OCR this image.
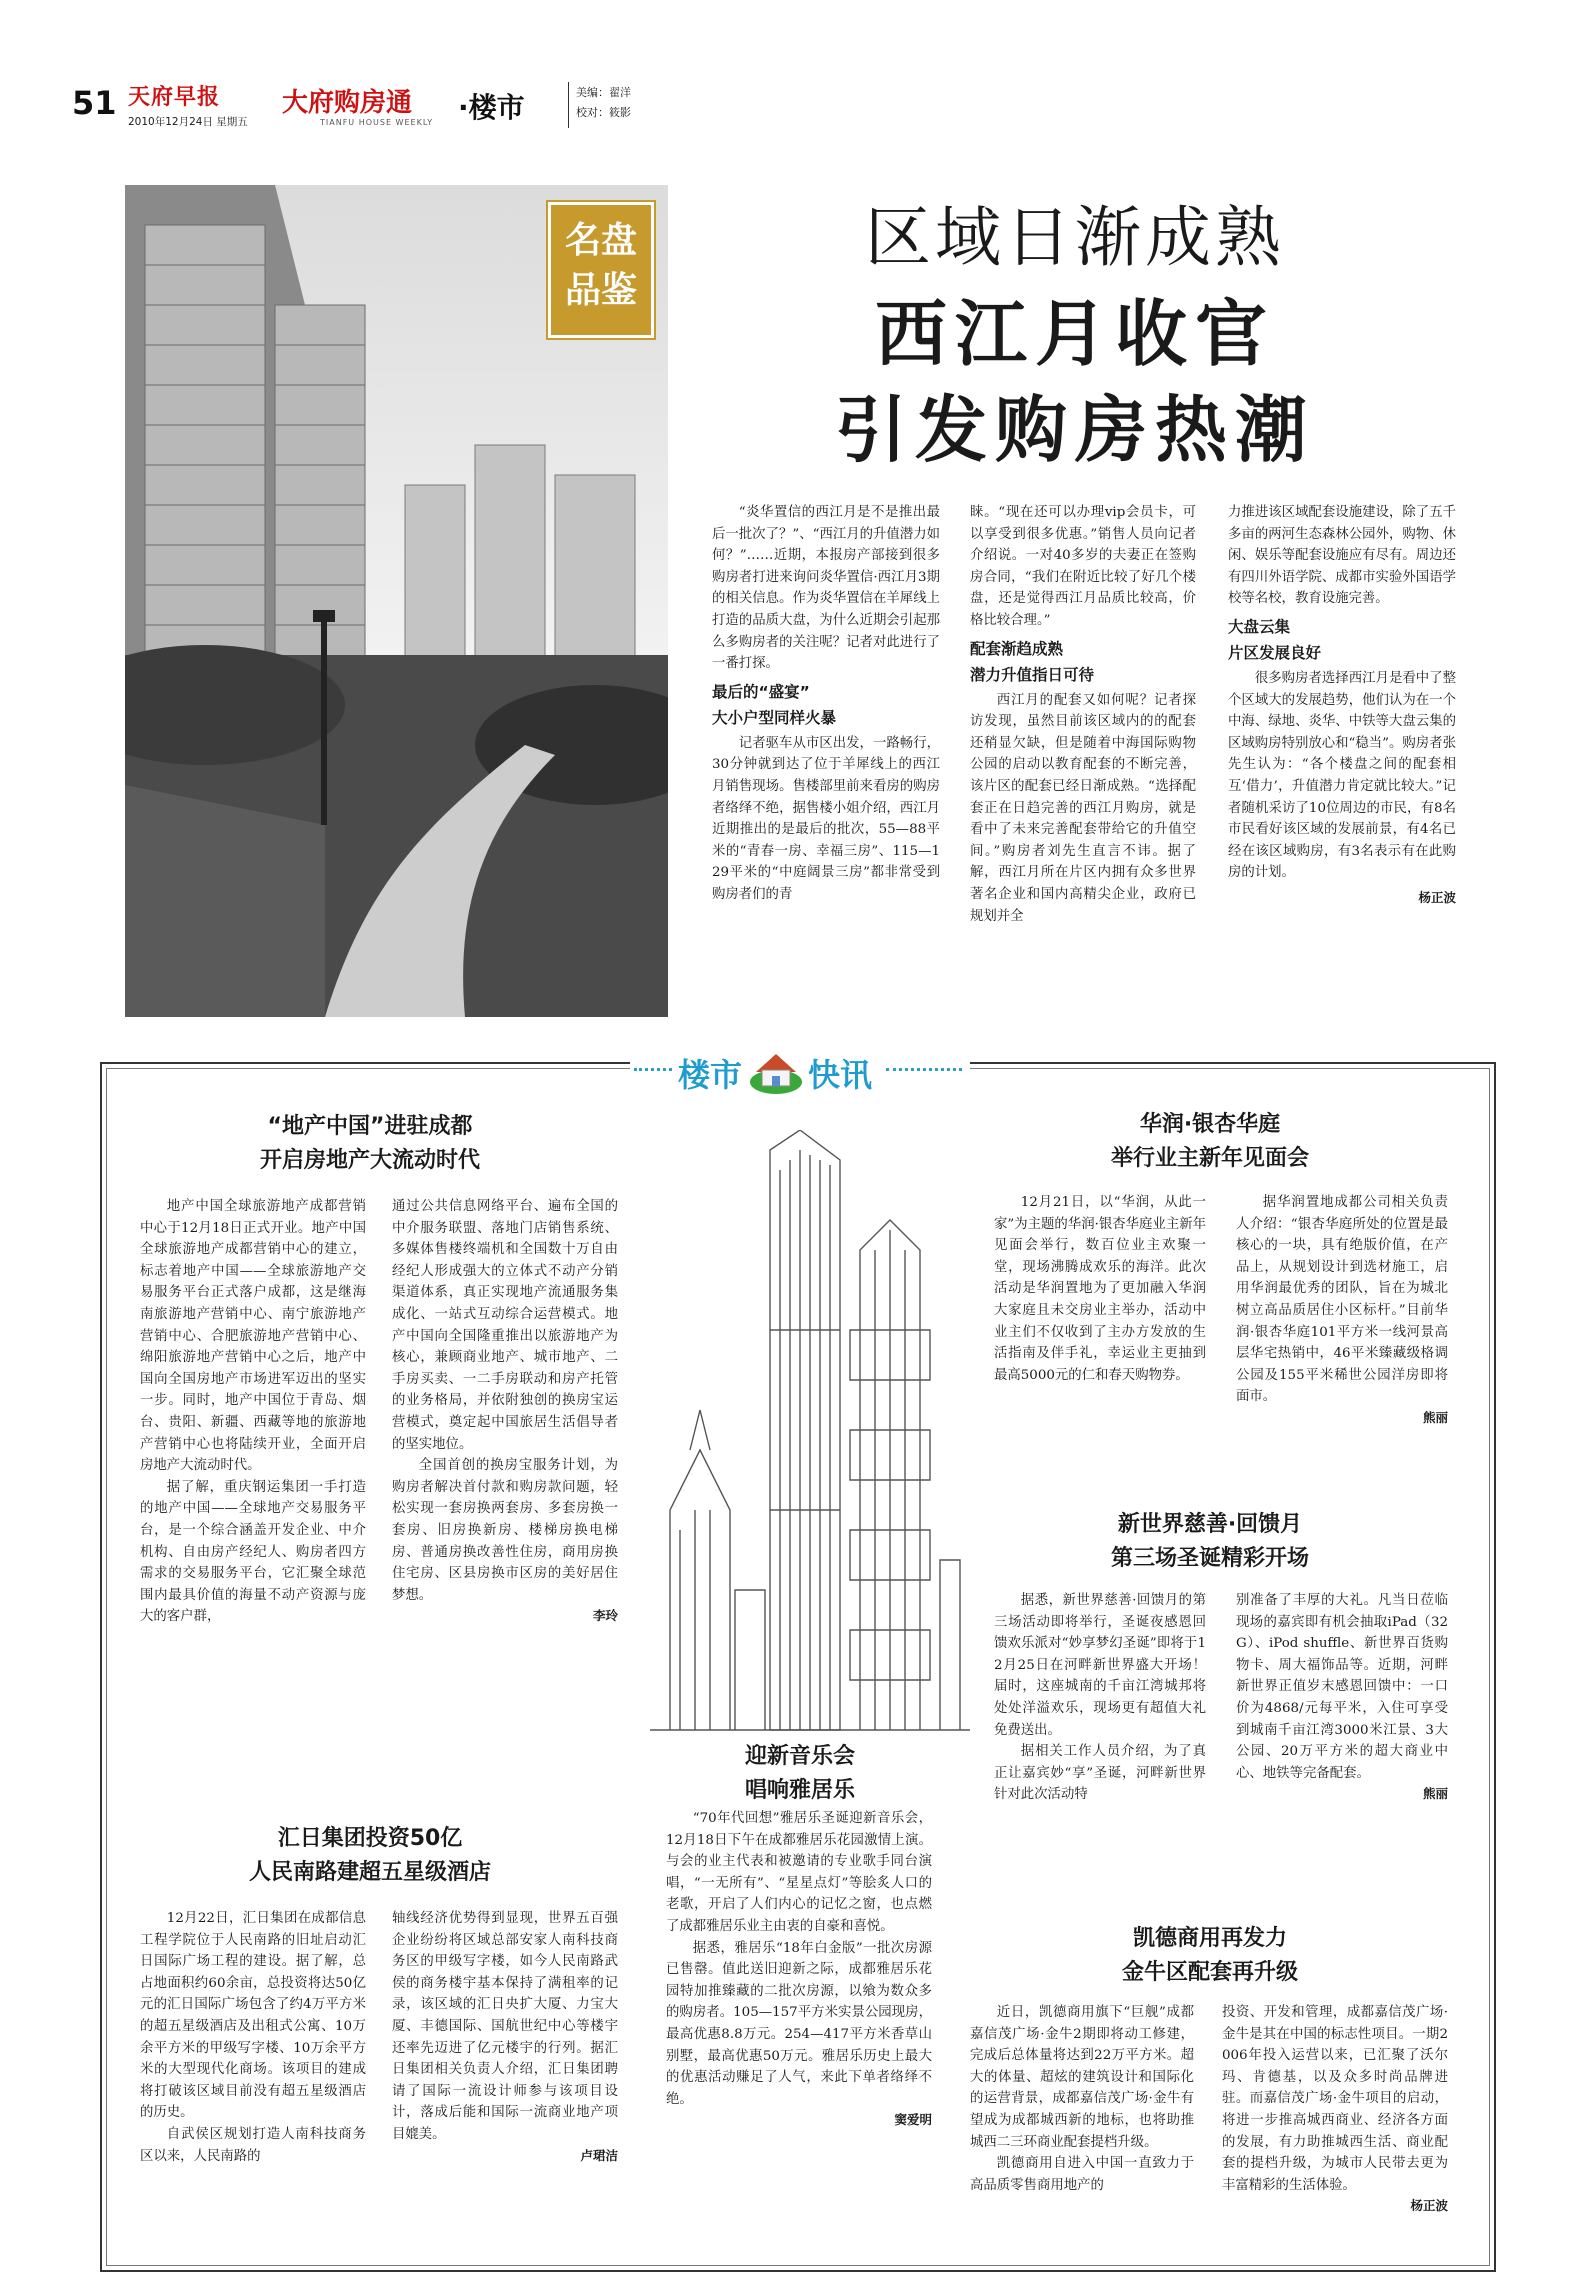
51 天府早报
2010年12月24日 星期五
大府购房通
TIANFU HOUSE WEEKLY ·楼市	美编：翟洋
校对：筱影
名盘品鉴
区域日渐成熟
西江月收官
引发购房热潮

“炎华置信的西江月是不是推出最后一批次了？”、“西江月的升值潜力如何？”……近期，本报房产部接到很多购房者打进来询问炎华置信·西江月3期的相关信息。作为炎华置信在羊犀线上打造的品质大盘，为什么近期会引起那么多购房者的关注呢？记者对此进行了一番打探。

最后的“盛宴”
大小户型同样火暴

记者驱车从市区出发，一路畅行，30分钟就到达了位于羊犀线上的西江月销售现场。售楼部里前来看房的购房者络绎不绝，据售楼小姐介绍，西江月近期推出的是最后的批次，55—88平米的“青春一房、幸福三房”、115—129平米的“中庭阔景三房”都非常受到购房者们的青

睐。“现在还可以办理vip会员卡，可以享受到很多优惠。”销售人员向记者介绍说。一对40多岁的夫妻正在签购房合同，“我们在附近比较了好几个楼盘，还是觉得西江月品质比较高，价格比较合理。”

配套渐趋成熟
潜力升值指日可待

西江月的配套又如何呢？记者探访发现，虽然目前该区域内的的配套还稍显欠缺，但是随着中海国际购物公园的启动以教育配套的不断完善，该片区的配套已经日渐成熟。“选择配套正在日趋完善的西江月购房，就是看中了未来完善配套带给它的升值空间。”购房者刘先生直言不讳。据了解，西江月所在片区内拥有众多世界著名企业和国内高精尖企业，政府已规划并全

力推进该区域配套设施建设，除了五千多亩的两河生态森林公园外，购物、休闲、娱乐等配套设施应有尽有。周边还有四川外语学院、成都市实验外国语学校等名校，教育设施完善。

大盘云集
片区发展良好

很多购房者选择西江月是看中了整个区域大的发展趋势，他们认为在一个中海、绿地、炎华、中铁等大盘云集的区域购房特别放心和“稳当”。购房者张先生认为：“各个楼盘之间的配套相互‘借力’，升值潜力肯定就比较大。”记者随机采访了10位周边的市民，有8名市民看好该区域的发展前景，有4名已经在该区域购房，有3名表示有在此购房的计划。

杨正波
楼市 快讯
“地产中国”进驻成都
开启房地产大流动时代

地产中国全球旅游地产成都营销中心于12月18日正式开业。地产中国全球旅游地产成都营销中心的建立，标志着地产中国——全球旅游地产交易服务平台正式落户成都，这是继海南旅游地产营销中心、南宁旅游地产营销中心、合肥旅游地产营销中心、绵阳旅游地产营销中心之后，地产中国向全国房地产市场进军迈出的坚实一步。同时，地产中国位于青岛、烟台、贵阳、新疆、西藏等地的旅游地产营销中心也将陆续开业，全面开启房地产大流动时代。

据了解，重庆钢运集团一手打造的地产中国——全球地产交易服务平台，是一个综合涵盖开发企业、中介机构、自由房产经纪人、购房者四方需求的交易服务平台，它汇聚全球范围内最具价值的海量不动产资源与庞大的客户群，

通过公共信息网络平台、遍布全国的中介服务联盟、落地门店销售系统、多媒体售楼终端机和全国数十万自由经纪人形成强大的立体式不动产分销渠道体系，真正实现地产流通服务集成化、一站式互动综合运营模式。地产中国向全国隆重推出以旅游地产为核心，兼顾商业地产、城市地产、二手房买卖、一二手房联动和房产托管的业务格局，并依附独创的换房宝运营模式，奠定起中国旅居生活倡导者的坚实地位。

全国首创的换房宝服务计划，为购房者解决首付款和购房款问题，轻松实现一套房换两套房、多套房换一套房、旧房换新房、楼梯房换电梯房、普通房换改善性住房，商用房换住宅房、区县房换市区房的美好居住梦想。

李玲
汇日集团投资50亿
人民南路建超五星级酒店

12月22日，汇日集团在成都信息工程学院位于人民南路的旧址启动汇日国际广场工程的建设。据了解，总占地面积约60余亩，总投资将达50亿元的汇日国际广场包含了约4万平方米的超五星级酒店及出租式公寓、10万余平方米的甲级写字楼、10万余平方米的大型现代化商场。该项目的建成将打破该区域目前没有超五星级酒店的历史。

自武侯区规划打造人南科技商务区以来，人民南路的

轴线经济优势得到显现，世界五百强企业纷纷将区域总部安家人南科技商务区的甲级写字楼，如今人民南路武侯的商务楼宇基本保持了满租率的记录，该区域的汇日央扩大厦、力宝大厦、丰德国际、国航世纪中心等楼宇还率先迈进了亿元楼宇的行列。据汇日集团相关负责人介绍，汇日集团聘请了国际一流设计师参与该项目设计，落成后能和国际一流商业地产项目媲美。

卢珺洁
迎新音乐会
唱响雅居乐

“70年代回想”雅居乐圣诞迎新音乐会，12月18日下午在成都雅居乐花园激情上演。与会的业主代表和被邀请的专业歌手同台演唱，“一无所有”、“星星点灯”等脍炙人口的老歌，开启了人们内心的记忆之窗，也点燃了成都雅居乐业主由衷的自豪和喜悦。

据悉，雅居乐“18年白金版”一批次房源已售罄。值此送旧迎新之际，成都雅居乐花园特加推臻藏的二批次房源，以飨为数众多的购房者。105—157平方米实景公园现房，最高优惠8.8万元。254—417平方米香草山别墅，最高优惠50万元。雅居乐历史上最大的优惠活动赚足了人气，来此下单者络绎不绝。

窦爱明
华润·银杏华庭
举行业主新年见面会

12月21日，以“华润，从此一家”为主题的华润·银杏华庭业主新年见面会举行，数百位业主欢聚一堂，现场沸腾成欢乐的海洋。此次活动是华润置地为了更加融入华润大家庭且未交房业主举办，活动中业主们不仅收到了主办方发放的生活指南及伴手礼，幸运业主更抽到最高5000元的仁和春天购物券。

据华润置地成都公司相关负责人介绍：“银杏华庭所处的位置是最核心的一块，具有绝版价值，在产品上，从规划设计到选材施工，启用华润最优秀的团队，旨在为城北树立高品质居住小区标杆。”目前华润·银杏华庭101平方米一线河景高层华宅热销中，46平米臻藏级格调公园及155平米稀世公园洋房即将面市。

熊丽
新世界慈善·回馈月
第三场圣诞精彩开场

据悉，新世界慈善·回馈月的第三场活动即将举行，圣诞夜感恩回馈欢乐派对“妙享梦幻圣诞”即将于12月25日在河畔新世界盛大开场！届时，这座城南的千亩江湾城邦将处处洋溢欢乐，现场更有超值大礼免费送出。

据相关工作人员介绍，为了真正让嘉宾妙“享”圣诞，河畔新世界针对此次活动特

别准备了丰厚的大礼。凡当日莅临现场的嘉宾即有机会抽取iPad（32G）、iPod shuffle、新世界百货购物卡、周大福饰品等。近期，河畔新世界正值岁末感恩回馈中：一口价为4868/元每平米，入住可享受到城南千亩江湾3000米江景、3大公园、20万平方米的超大商业中心、地铁等完备配套。

熊丽
凯德商用再发力
金牛区配套再升级

近日，凯德商用旗下“巨舰”成都嘉信茂广场·金牛2期即将动工修建，完成后总体量将达到22万平方米。超大的体量、超炫的建筑设计和国际化的运营背景，成都嘉信茂广场·金牛有望成为成都城西新的地标，也将助推城西二三环商业配套提档升级。

凯德商用自进入中国一直致力于高品质零售商用地产的

投资、开发和管理，成都嘉信茂广场·金牛是其在中国的标志性项目。一期2006年投入运营以来，已汇聚了沃尔玛、肯德基，以及众多时尚品牌进驻。而嘉信茂广场·金牛项目的启动，将进一步推高城西商业、经济各方面的发展，有力助推城西生活、商业配套的提档升级，为城市人民带去更为丰富精彩的生活体验。

杨正波
